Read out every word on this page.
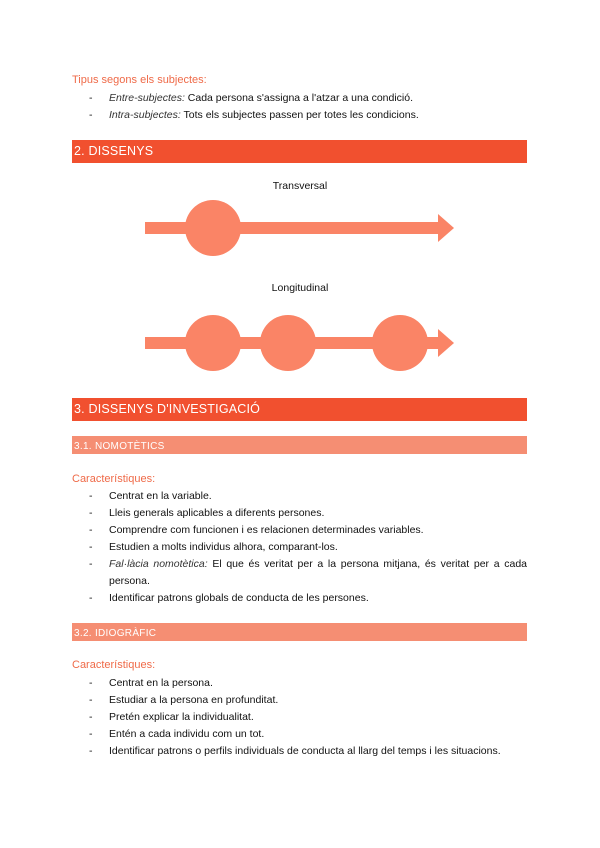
Tipus segons els subjectes:
- Entre-subjectes: Cada persona s'assigna a l'atzar a una condició.
- Intra-subjectes: Tots els subjectes passen per totes les condicions.
2. DISSENYS
Transversal
Longitudinal
3. DISSENYS D'INVESTIGACIÓ
3.1. NOMOTÈTICS
Característiques:
- Centrat en la variable.
- Lleis generals aplicables a diferents persones.
- Comprendre com funcionen i es relacionen determinades variables.
- Estudien a molts individus alhora, comparant-los.
- Fal·làcia nomotètica: El que és veritat per a la persona mitjana, és veritat per a cada persona.
- Identificar patrons globals de conducta de les persones.
3.2. IDIOGRÀFIC
Característiques:
- Centrat en la persona.
- Estudiar a la persona en profunditat.
- Pretén explicar la individualitat.
- Entén a cada individu com un tot.
- Identificar patrons o perfils individuals de conducta al llarg del temps i les situacions.
